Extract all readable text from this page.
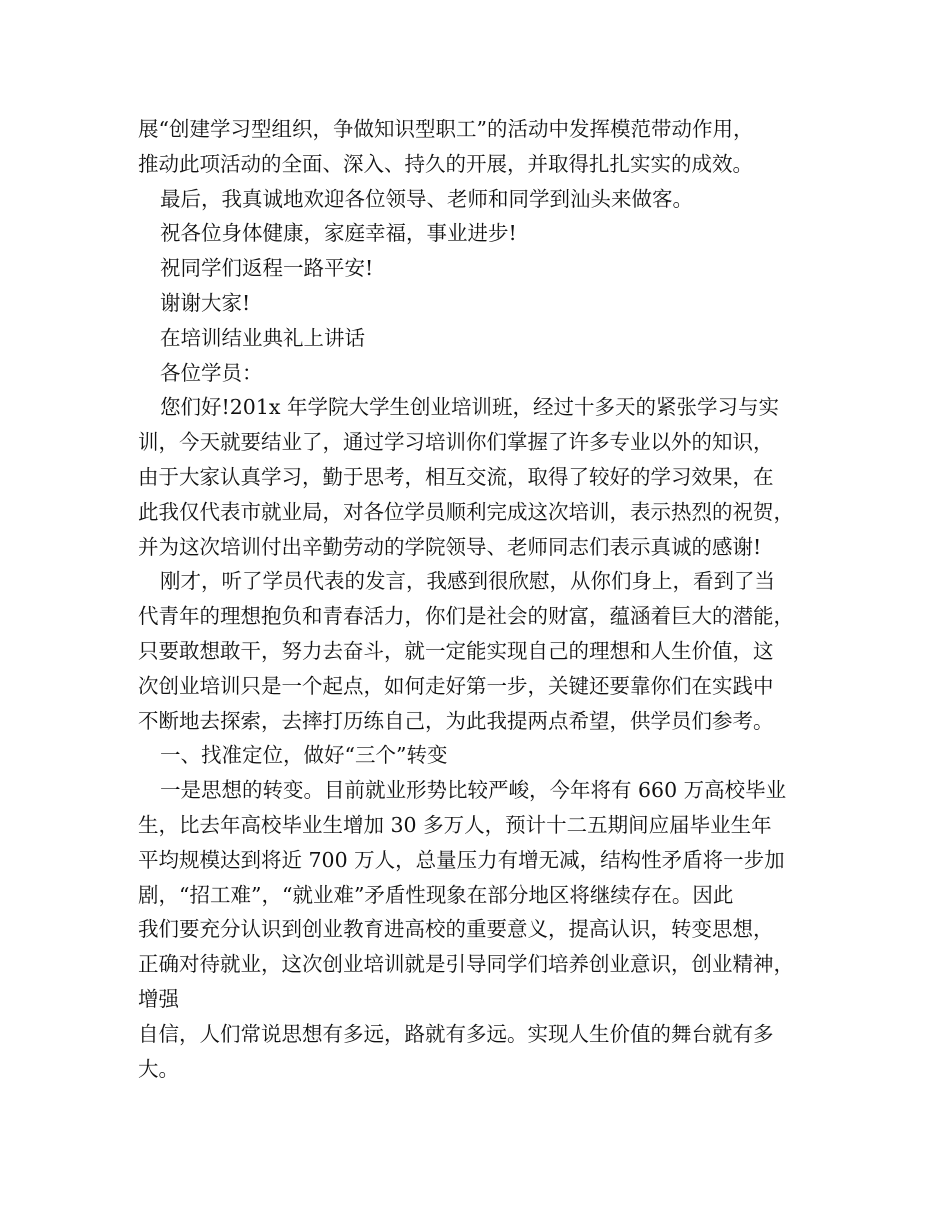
展“创建学习型组织，争做知识型职工”的活动中发挥模范带动作用，
推动此项活动的全面、深入、持久的开展，并取得扎扎实实的成效。

最后，我真诚地欢迎各位领导、老师和同学到汕头来做客。

祝各位身体健康，家庭幸福，事业进步!

祝同学们返程一路平安!

谢谢大家!

在培训结业典礼上讲话

各位学员：

您们好!201x 年学院大学生创业培训班，经过十多天的紧张学习与实
训，今天就要结业了，通过学习培训你们掌握了许多专业以外的知识，
由于大家认真学习，勤于思考，相互交流，取得了较好的学习效果，在
此我仅代表市就业局，对各位学员顺利完成这次培训，表示热烈的祝贺，
并为这次培训付出辛勤劳动的学院领导、老师同志们表示真诚的感谢!

刚才，听了学员代表的发言，我感到很欣慰，从你们身上，看到了当
代青年的理想抱负和青春活力，你们是社会的财富，蕴涵着巨大的潜能，
只要敢想敢干，努力去奋斗，就一定能实现自己的理想和人生价值，这
次创业培训只是一个起点，如何走好第一步，关键还要靠你们在实践中
不断地去探索，去摔打历练自己，为此我提两点希望，供学员们参考。

一、找准定位，做好“三个”转变

一是思想的转变。目前就业形势比较严峻，今年将有 660 万高校毕业
生，比去年高校毕业生增加 30 多万人，预计十二五期间应届毕业生年
平均规模达到将近 700 万人，总量压力有增无减，结构性矛盾将一步加
剧，“招工难”，“就业难”矛盾性现象在部分地区将继续存在。因此
我们要充分认识到创业教育进高校的重要意义，提高认识，转变思想，
正确对待就业，这次创业培训就是引导同学们培养创业意识，创业精神，
增强

自信，人们常说思想有多远，路就有多远。实现人生价值的舞台就有多
大。
